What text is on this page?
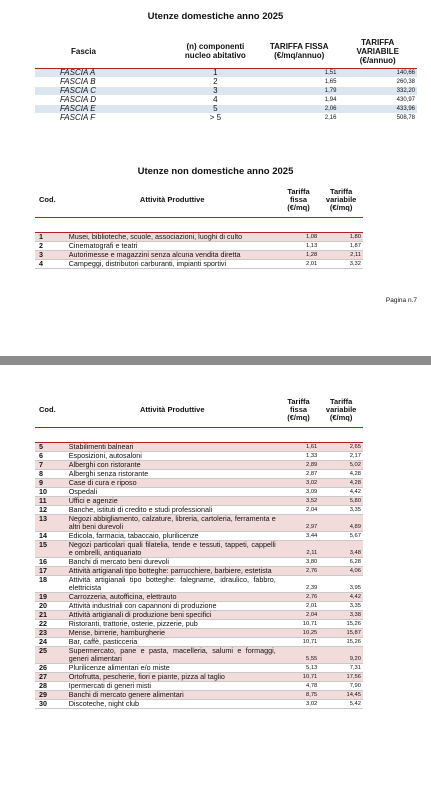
Utenze domestiche anno 2025
Fascia	(n) componenti nucleo abitativo	TARIFFA FISSA (€/mq/annuo)	TARIFFA VARIABILE (€/annuo)
FASCIA A	1	1,51	140,66
FASCIA B	2	1,65	260,38
FASCIA C	3	1,79	332,20
FASCIA D	4	1,94	430,97
FASCIA E	5	2,06	433,96
FASCIA F	> 5	2,16	508,78
Utenze non domestiche anno 2025
Cod.	Attività Produttive	Tariffa fissa (€/mq)	Tariffa variabile (€/mq)

1	Musei, biblioteche, scuole, associazioni, luoghi di culto	1,08	1,80
2	Cinematografi e teatri	1,13	1,87
3	Autorimesse e magazzini senza alcuna vendita diretta	1,28	2,11
4	Campeggi, distributori carburanti, impianti sportivi	2,01	3,32
Pagina n.7
Cod.	Attività Produttive	Tariffa fissa (€/mq)	Tariffa variabile (€/mq)

5	Stabilimenti balneari	1,61	2,65
6	Esposizioni, autosaloni	1,33	2,17
7	Alberghi con ristorante	2,89	5,02
8	Alberghi senza ristorante	2,87	4,28
9	Case di cura e riposo	3,02	4,28
10	Ospedali	3,09	4,42
11	Uffici e agenzie	3,52	5,80
12	Banche, istituti di credito e studi professionali	2,04	3,35
13	Negozi abbigliamento, calzature, libreria, cartoleria, ferramenta e altri beni durevoli	2,97	4,89
14	Edicola, farmacia, tabaccaio, plurilicenze	3,44	5,67
15	Negozi particolari quali filatelia, tende e tessuti, tappeti, cappelli e ombrelli, antiquariato	2,11	3,48
16	Banchi di mercato beni durevoli	3,80	6,28
17	Attività artigianali tipo botteghe: parrucchiere, barbiere, estetista	2,76	4,06
18	Attività artigianali tipo botteghe: falegname, idraulico, fabbro, elettricista	2,39	3,95
19	Carrozzeria, autofficina, elettrauto	2,76	4,42
20	Attività industriali con capannoni di produzione	2,01	3,35
21	Attività artigianali di produzione beni specifici	2,04	3,38
22	Ristoranti, trattorie, osterie, pizzerie, pub	10,71	15,26
23	Mense, birrerie, hamburgherie	10,25	15,87
24	Bar, caffè, pasticceria	10,71	15,26
25	Supermercato, pane e pasta, macelleria, salumi e formaggi, generi alimentari	5,55	9,20
26	Plurilicenze alimentari e/o miste	5,13	7,31
27	Ortofrutta, pescherie, fiori e piante, pizza al taglio	10,71	17,56
28	Ipermercati di generi misti	4,78	7,90
29	Banchi di mercato genere alimentari	8,75	14,45
30	Discoteche, night club	3,02	5,42
